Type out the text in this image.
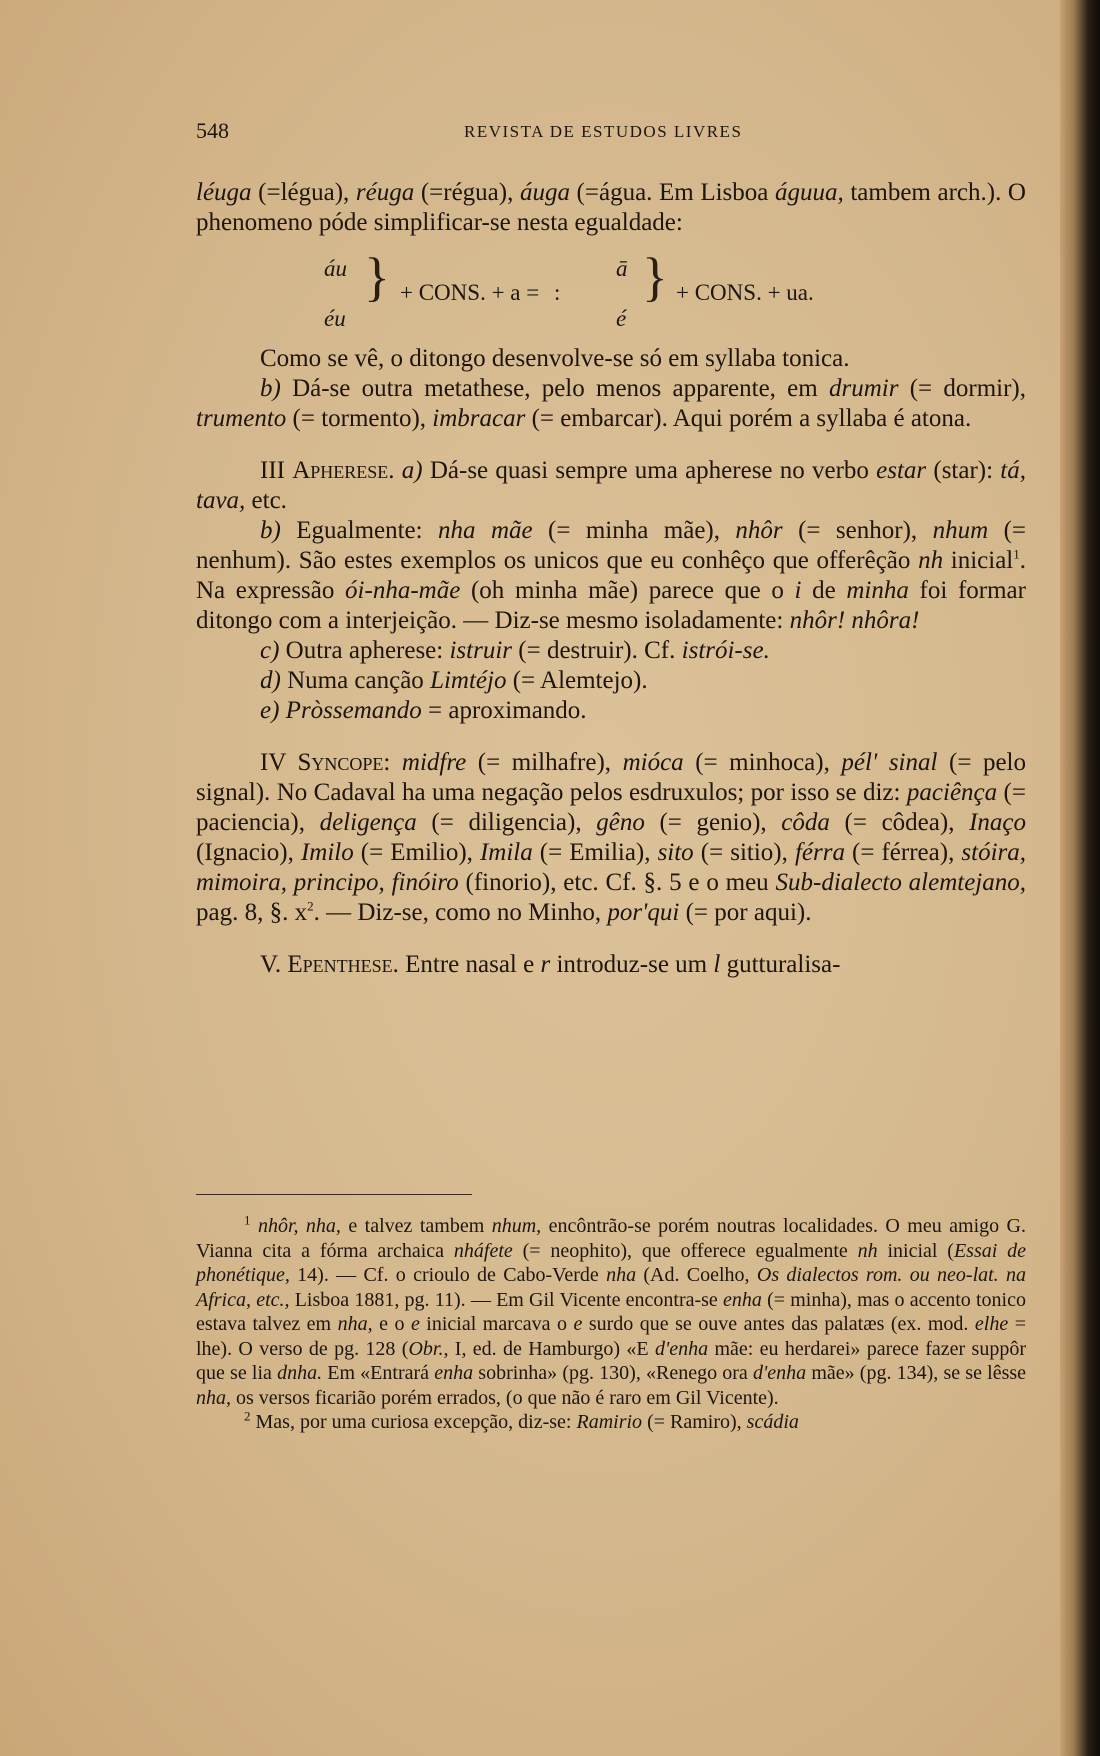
548	REVISTA DE ESTUDOS LIVRES

léuga (=légua), réuga (=régua), áuga (=água. Em Lisboa águua, tambem arch.). O phenomeno póde simplificar-se nesta egualdade:

áu
éu
} + CONS. + a = :
ā
é
} + CONS. + ua.

Como se vê, o ditongo desenvolve-se só em syllaba tonica.

b) Dá-se outra metathese, pelo menos apparente, em drumir (= dormir), trumento (= tormento), imbracar (= embarcar). Aqui porém a syllaba é atona.

III Apherese. a) Dá-se quasi sempre uma apherese no verbo estar (star): tá, tava, etc.

b) Egualmente: nha mãe (= minha mãe), nhôr (= senhor), nhum (= nenhum). São estes exemplos os unicos que eu conhêço que offerêção nh inicial$^1$. Na expressão ói-nha-mãe (oh minha mãe) parece que o i de minha foi formar ditongo com a interjeição. — Diz-se mesmo isoladamente: nhôr! nhôra!

c) Outra apherese: istruir (= destruir). Cf. istrói-se.

d) Numa canção Limtéjo (= Alemtejo).

e) Pròssemando = aproximando.

IV Syncope: midfre (= milhafre), mióca (= minhoca), pél' sinal (= pelo signal). No Cadaval ha uma negação pelos esdruxulos; por isso se diz: paciênça (= paciencia), deligença (= diligencia), gêno (= genio), côda (= côdea), Inaço (Ignacio), Imilo (= Emilio), Imila (= Emilia), sito (= sitio), férra (= férrea), stóira, mimoira, principo, finóiro (finorio), etc. Cf. §. 5 e o meu Sub-dialecto alemtejano, pag. 8, §. $x^2$. — Diz-se, como no Minho, por'qui (= por aqui).

V. Epenthese. Entre nasal e r introduz-se um l gutturalisa-

$^1$ nhôr, nha, e talvez tambem nhum, encôntrão-se porém noutras localidades. O meu amigo G. Vianna cita a fórma archaica nháfete (= neophito), que offerece egualmente nh inicial (Essai de phonétique, 14). — Cf. o crioulo de Cabo-Verde nha (Ad. Coelho, Os dialectos rom. ou neo-lat. na Africa, etc., Lisboa 1881, pg. 11). — Em Gil Vicente encontra-se enha (= minha), mas o accento tonico estava talvez em nha, e o e inicial marcava o e surdo que se ouve antes das palatæs (ex. mod. elhe = lhe). O verso de pg. 128 (Obr., I, ed. de Hamburgo) «E d'enha mãe: eu herdarei» parece fazer suppôr que se lia dnha. Em «Entrará enha sobrinha» (pg. 130), «Renego ora d'enha mãe» (pg. 134), se se lêsse nha, os versos ficarião porém errados, (o que não é raro em Gil Vicente).

$^2$ Mas, por uma curiosa excepção, diz-se: Ramirio (= Ramiro), scádia
